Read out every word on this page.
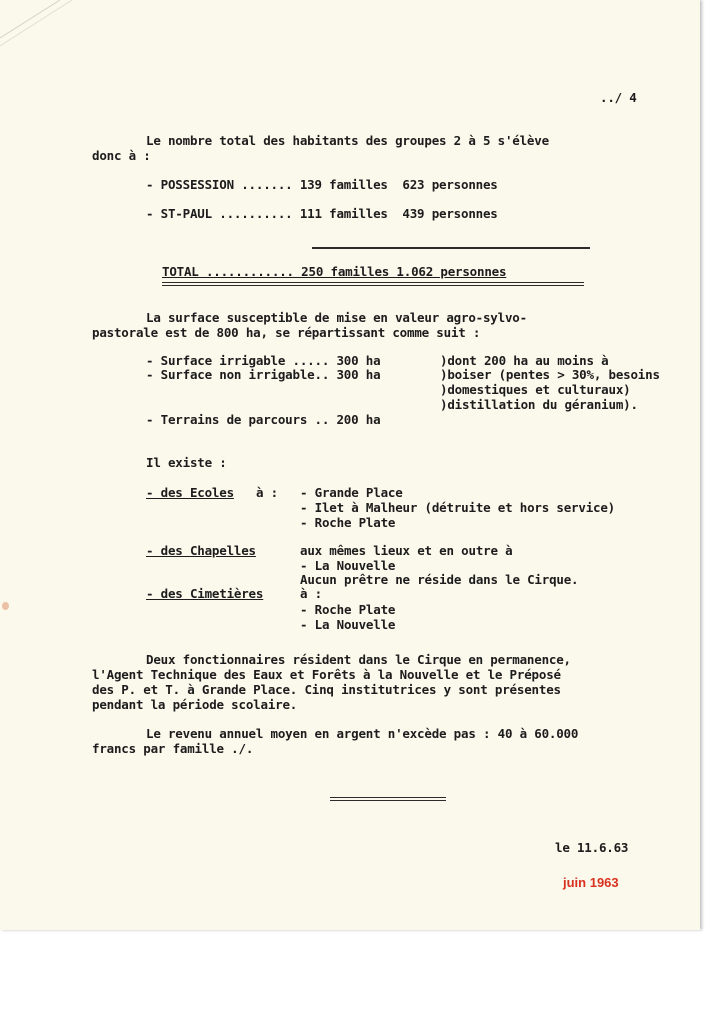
../ 4
Le nombre total des habitants des groupes 2 à 5 s'élève
donc à :
- POSSESSION ....... 139 familles  623 personnes
- ST-PAUL .......... 111 familles  439 personnes
TOTAL ............ 250 familles 1.062 personnes
La surface susceptible de mise en valeur agro-sylvo-
pastorale est de 800 ha, se répartissant comme suit :
- Surface irrigable ..... 300 ha
- Surface non irrigable.. 300 ha
- Terrains de parcours .. 200 ha
)dont 200 ha au moins à
)boiser (pentes > 30%, besoins
)domestiques et culturaux)
)distillation du géranium).
Il existe :
- des Ecoles à : - Grande Place
- Ilet à Malheur (détruite et hors service)
- Roche Plate
- des Chapelles	aux mêmes lieux et en outre à
- La Nouvelle
Aucun prêtre ne réside dans le Cirque.
- des Cimetières	à :
- Roche Plate
- La Nouvelle
Deux fonctionnaires résident dans le Cirque en permanence,
l'Agent Technique des Eaux et Forêts à la Nouvelle et le Préposé
des P. et T. à Grande Place. Cinq institutrices y sont présentes
pendant la période scolaire.
Le revenu annuel moyen en argent n'excède pas : 40 à 60.000
francs par famille ./.
le 11.6.63
juin 1963
